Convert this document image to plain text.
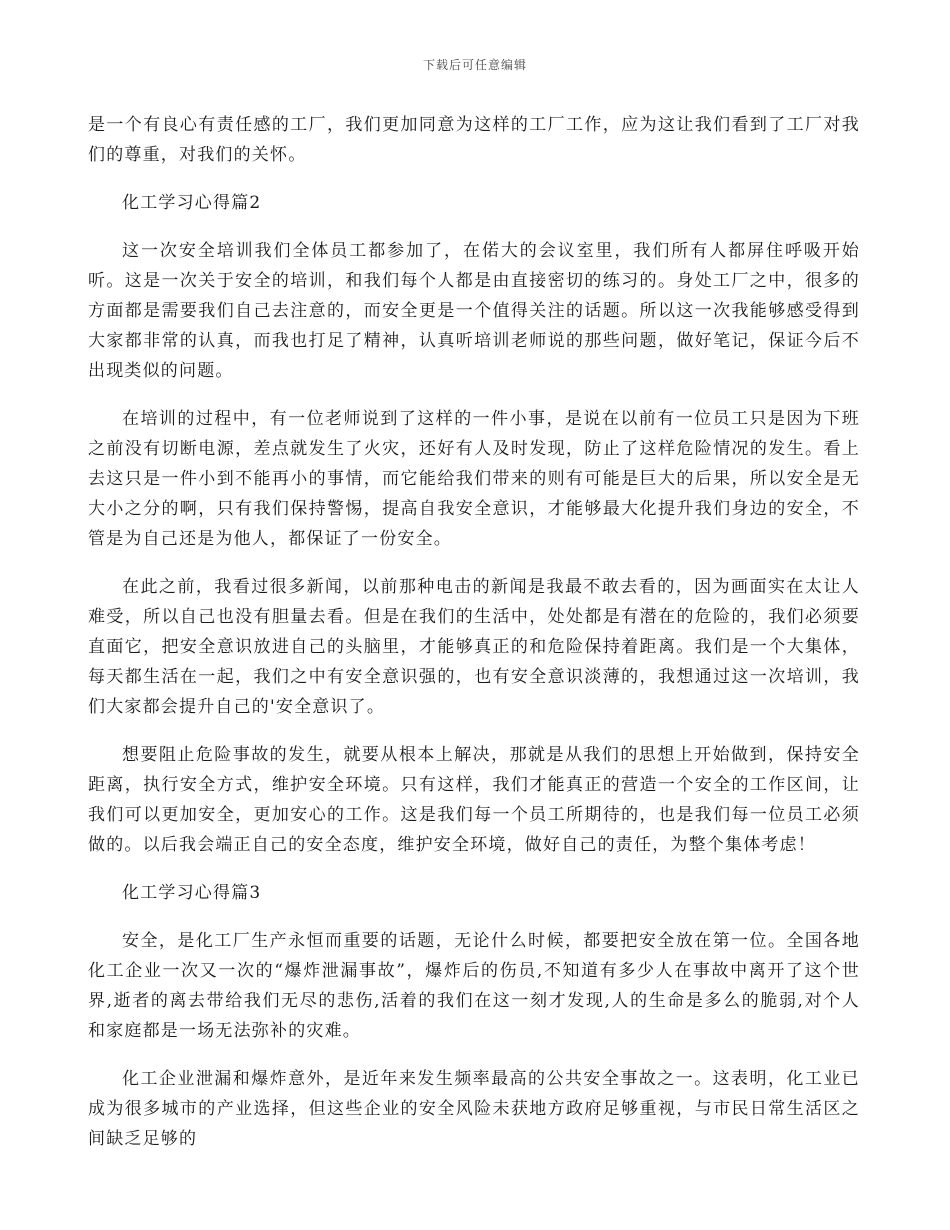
下载后可任意编辑

是一个有良心有责任感的工厂，我们更加同意为这样的工厂工作，应为这让我们看到了工厂对我们的尊重，对我们的关怀。

化工学习心得篇2

这一次安全培训我们全体员工都参加了，在偌大的会议室里，我们所有人都屏住呼吸开始听。这是一次关于安全的培训，和我们每个人都是由直接密切的练习的。身处工厂之中，很多的方面都是需要我们自己去注意的，而安全更是一个值得关注的话题。所以这一次我能够感受得到大家都非常的认真，而我也打足了精神，认真听培训老师说的那些问题，做好笔记，保证今后不出现类似的问题。

在培训的过程中，有一位老师说到了这样的一件小事，是说在以前有一位员工只是因为下班之前没有切断电源，差点就发生了火灾，还好有人及时发现，防止了这样危险情况的发生。看上去这只是一件小到不能再小的事情，而它能给我们带来的则有可能是巨大的后果，所以安全是无大小之分的啊，只有我们保持警惕，提高自我安全意识，才能够最大化提升我们身边的安全，不管是为自己还是为他人，都保证了一份安全。

在此之前，我看过很多新闻，以前那种电击的新闻是我最不敢去看的，因为画面实在太让人难受，所以自己也没有胆量去看。但是在我们的生活中，处处都是有潜在的危险的，我们必须要直面它，把安全意识放进自己的头脑里，才能够真正的和危险保持着距离。我们是一个大集体，每天都生活在一起，我们之中有安全意识强的，也有安全意识淡薄的，我想通过这一次培训，我们大家都会提升自己的'安全意识了。

想要阻止危险事故的发生，就要从根本上解决，那就是从我们的思想上开始做到，保持安全距离，执行安全方式，维护安全环境。只有这样，我们才能真正的营造一个安全的工作区间，让我们可以更加安全，更加安心的工作。这是我们每一个员工所期待的，也是我们每一位员工必须做的。以后我会端正自己的安全态度，维护安全环境，做好自己的责任，为整个集体考虑！

化工学习心得篇3

安全，是化工厂生产永恒而重要的话题，无论什么时候，都要把安全放在第一位。全国各地化工企业一次又一次的“爆炸泄漏事故”，爆炸后的伤员,不知道有多少人在事故中离开了这个世界,逝者的离去带给我们无尽的悲伤,活着的我们在这一刻才发现,人的生命是多么的脆弱,对个人和家庭都是一场无法弥补的灾难。

化工企业泄漏和爆炸意外，是近年来发生频率最高的公共安全事故之一。这表明，化工业已成为很多城市的产业选择，但这些企业的安全风险未获地方政府足够重视，与市民日常生活区之间缺乏足够的
